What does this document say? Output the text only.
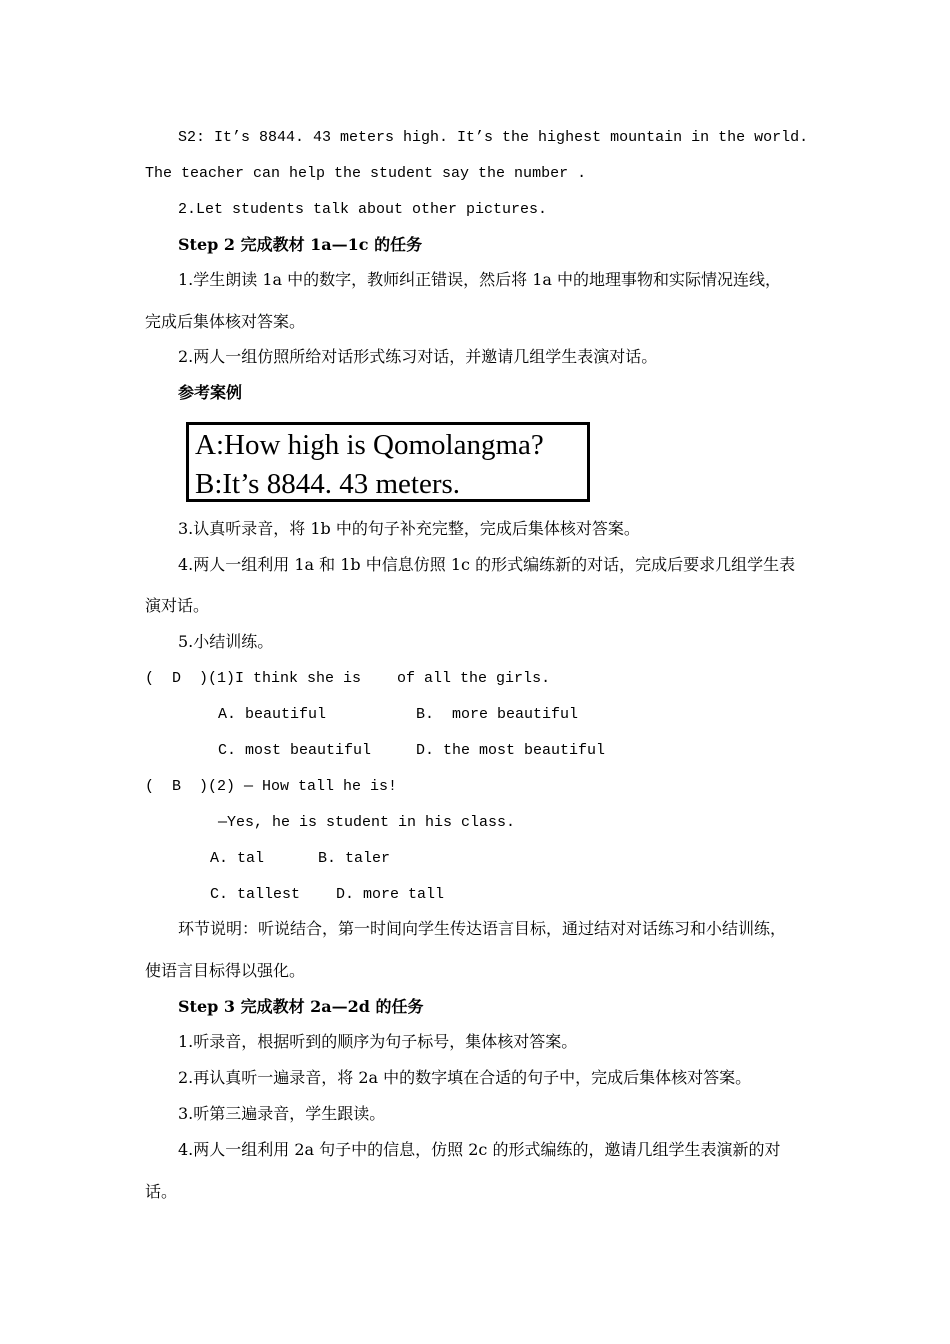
S2: It’s 8844. 43 meters high. It’s the highest mountain in the world.
The teacher can help the student say the number .
2.Let students talk about other pictures.
Step 2 完成教材 1a—1c 的任务
1.学生朗读 1a 中的数字，教师纠正错误，然后将 1a 中的地理事物和实际情况连线，
完成后集体核对答案。
2.两人一组仿照所给对话形式练习对话，并邀请几组学生表演对话。
参考案例
A:How high is Qomolangma?
B:It’s 8844. 43 meters.
3.认真听录音，将 1b 中的句子补充完整，完成后集体核对答案。
4.两人一组利用 1a 和 1b 中信息仿照 1c 的形式编练新的对话，完成后要求几组学生表
演对话。
5.小结训练。
(  D  )(1)I think she is    of all the girls.
A. beautiful          B.  more beautiful
C. most beautiful     D. the most beautiful
(  B  )(2) — How tall he is!
—Yes, he is student in his class.
A. tal      B. taler
C. tallest    D. more tall
环节说明：听说结合，第一时间向学生传达语言目标，通过结对对话练习和小结训练，
使语言目标得以强化。
Step 3 完成教材 2a—2d 的任务
1.听录音，根据听到的顺序为句子标号，集体核对答案。
2.再认真听一遍录音，将 2a 中的数字填在合适的句子中，完成后集体核对答案。
3.听第三遍录音，学生跟读。
4.两人一组利用 2a 句子中的信息，仿照 2c 的形式编练的，邀请几组学生表演新的对
话。
